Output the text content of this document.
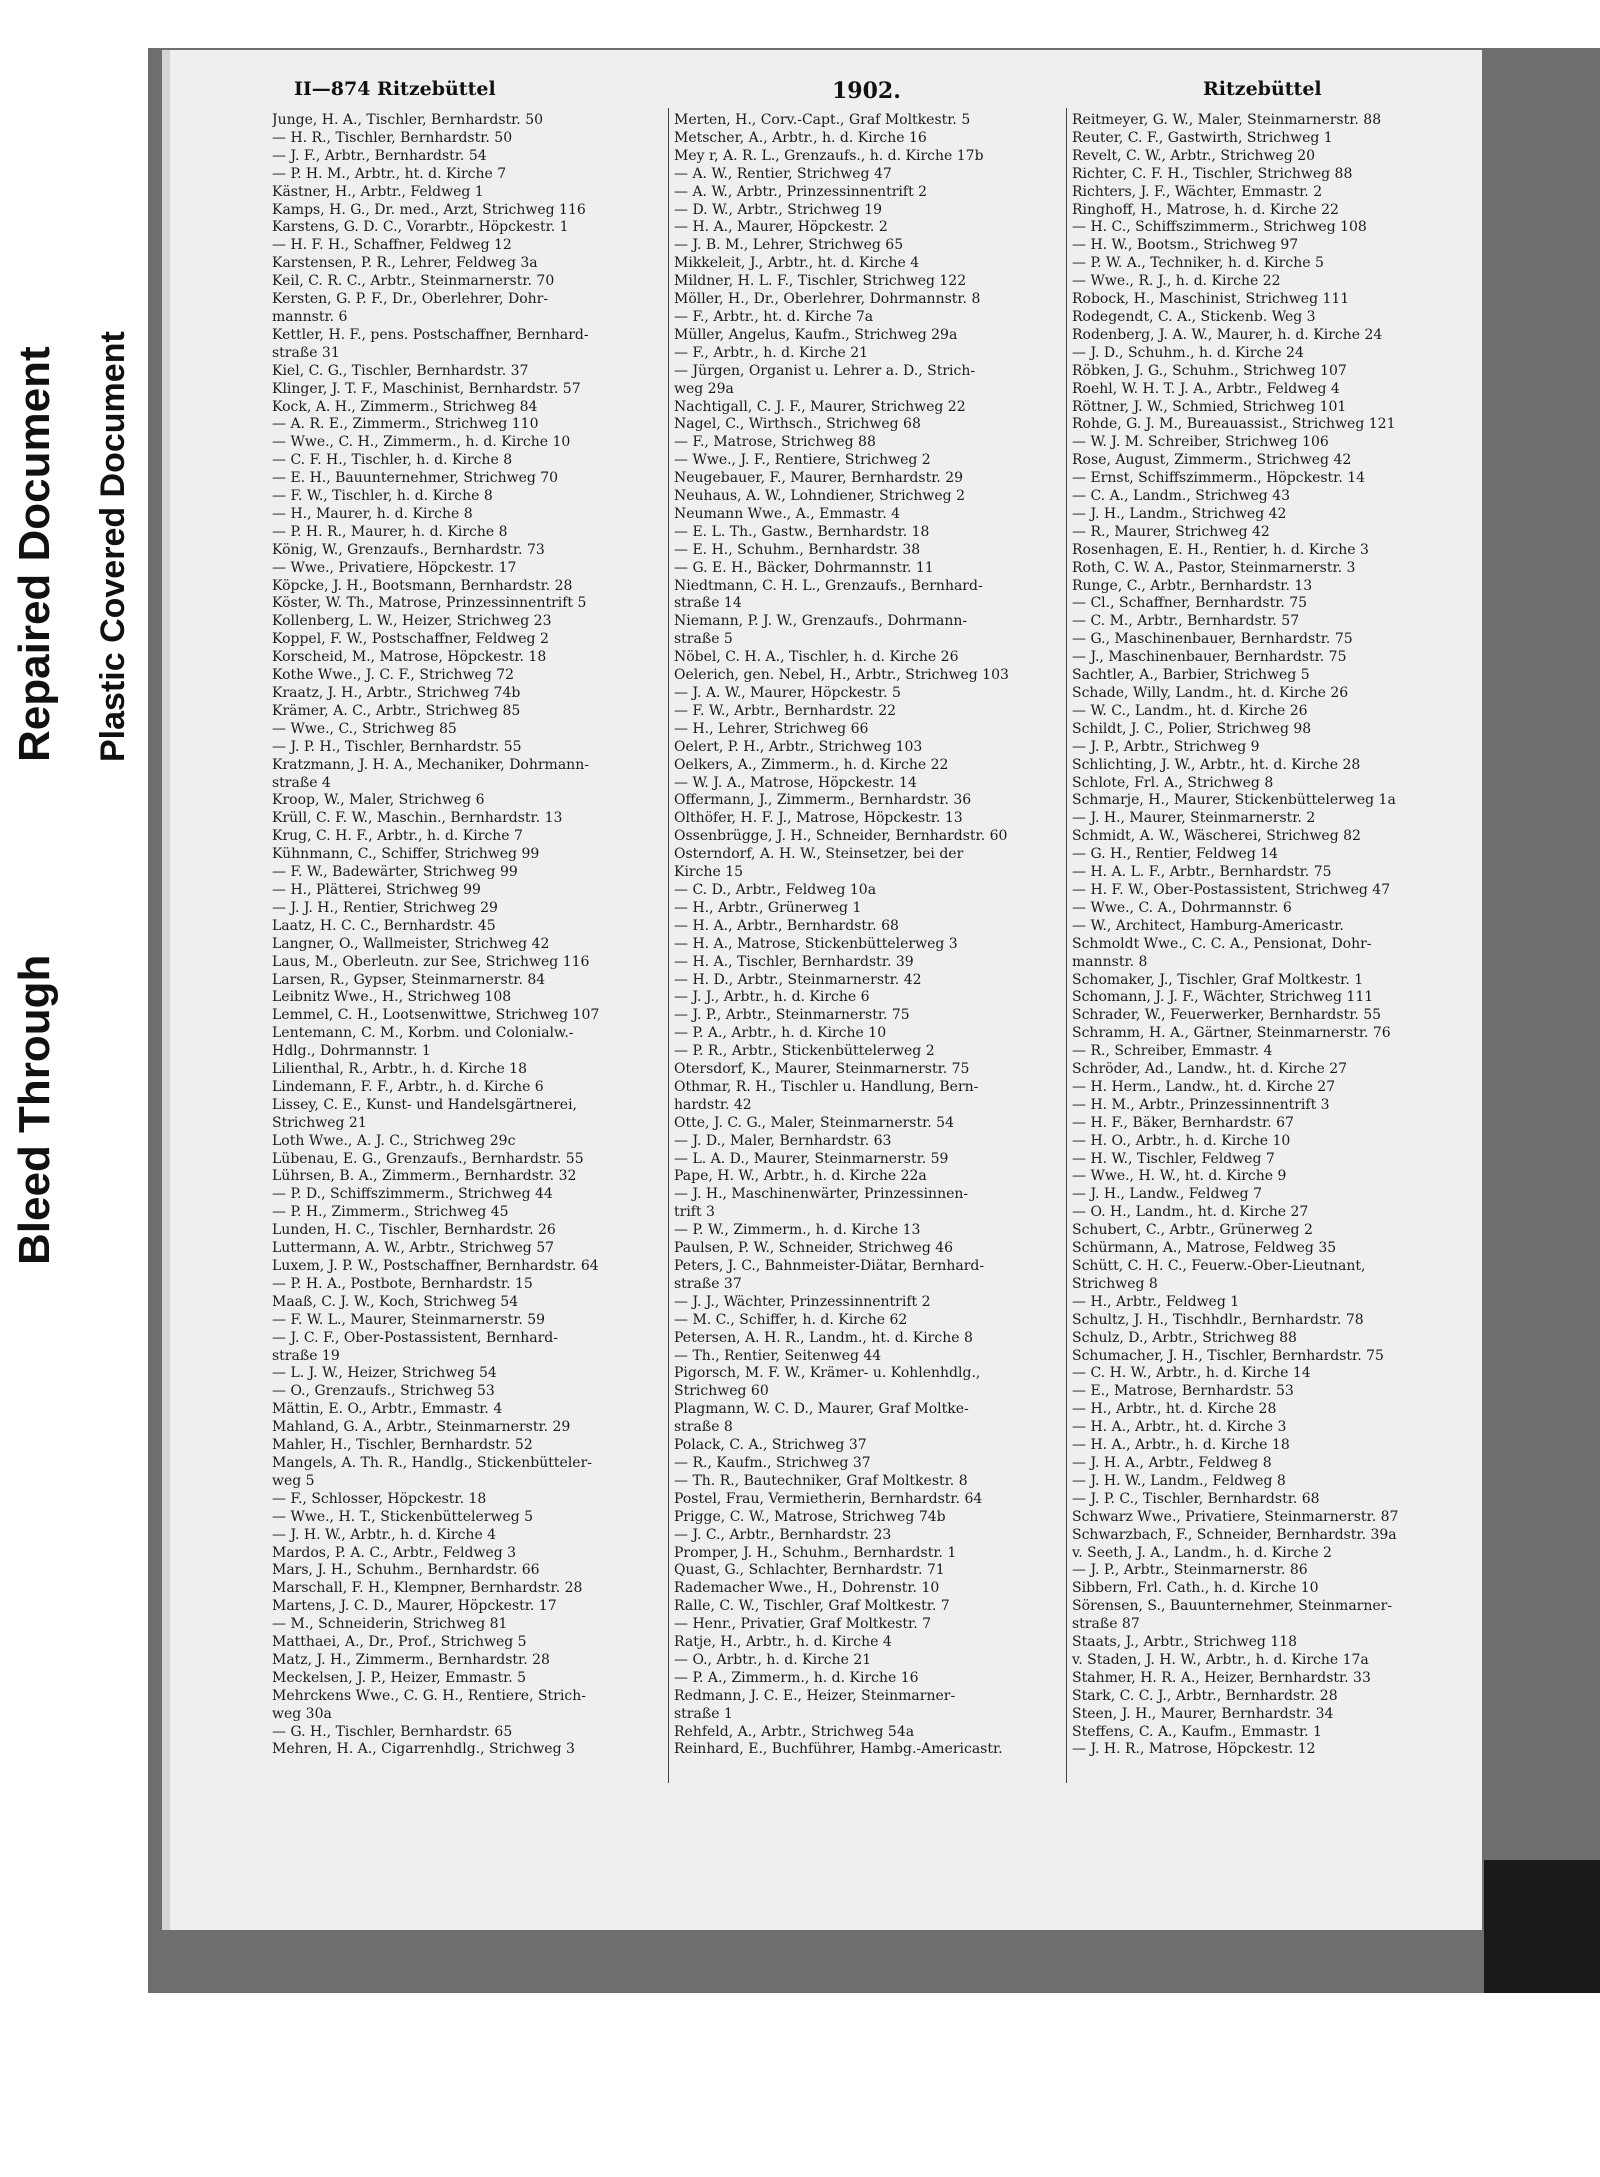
Bleed Through
Repaired Document Plastic Covered Document
II—874 Ritzebüttel	1902.	Ritzebüttel
Junge, H. A., Tischler, Bernhardstr. 50
— H. R., Tischler, Bernhardstr. 50
— J. F., Arbtr., Bernhardstr. 54
— P. H. M., Arbtr., ht. d. Kirche 7
Kästner, H., Arbtr., Feldweg 1
Kamps, H. G., Dr. med., Arzt, Strichweg 116
Karstens, G. D. C., Vorarbtr., Höpckestr. 1
— H. F. H., Schaffner, Feldweg 12
Karstensen, P. R., Lehrer, Feldweg 3a
Keil, C. R. C., Arbtr., Steinmarnerstr. 70
Kersten, G. P. F., Dr., Oberlehrer, Dohr-
mannstr. 6
Kettler, H. F., pens. Postschaffner, Bernhard-
straße 31
Kiel, C. G., Tischler, Bernhardstr. 37
Klinger, J. T. F., Maschinist, Bernhardstr. 57
Kock, A. H., Zimmerm., Strichweg 84
— A. R. E., Zimmerm., Strichweg 110
— Wwe., C. H., Zimmerm., h. d. Kirche 10
— C. F. H., Tischler, h. d. Kirche 8
— E. H., Bauunternehmer, Strichweg 70
— F. W., Tischler, h. d. Kirche 8
— H., Maurer, h. d. Kirche 8
— P. H. R., Maurer, h. d. Kirche 8
König, W., Grenzaufs., Bernhardstr. 73
— Wwe., Privatiere, Höpckestr. 17
Köpcke, J. H., Bootsmann, Bernhardstr. 28
Köster, W. Th., Matrose, Prinzessinnentrift 5
Kollenberg, L. W., Heizer, Strichweg 23
Koppel, F. W., Postschaffner, Feldweg 2
Korscheid, M., Matrose, Höpckestr. 18
Kothe Wwe., J. C. F., Strichweg 72
Kraatz, J. H., Arbtr., Strichweg 74b
Krämer, A. C., Arbtr., Strichweg 85
— Wwe., C., Strichweg 85
— J. P. H., Tischler, Bernhardstr. 55
Kratzmann, J. H. A., Mechaniker, Dohrmann-
straße 4
Kroop, W., Maler, Strichweg 6
Krüll, C. F. W., Maschin., Bernhardstr. 13
Krug, C. H. F., Arbtr., h. d. Kirche 7
Kühnmann, C., Schiffer, Strichweg 99
— F. W., Badewärter, Strichweg 99
— H., Plätterei, Strichweg 99
— J. J. H., Rentier, Strichweg 29
Laatz, H. C. C., Bernhardstr. 45
Langner, O., Wallmeister, Strichweg 42
Laus, M., Oberleutn. zur See, Strichweg 116
Larsen, R., Gypser, Steinmarnerstr. 84
Leibnitz Wwe., H., Strichweg 108
Lemmel, C. H., Lootsenwittwe, Strichweg 107
Lentemann, C. M., Korbm. und Colonialw.-
Hdlg., Dohrmannstr. 1
Lilienthal, R., Arbtr., h. d. Kirche 18
Lindemann, F. F., Arbtr., h. d. Kirche 6
Lissey, C. E., Kunst- und Handelsgärtnerei,
Strichweg 21
Loth Wwe., A. J. C., Strichweg 29c
Lübenau, E. G., Grenzaufs., Bernhardstr. 55
Lührsen, B. A., Zimmerm., Bernhardstr. 32
— P. D., Schiffszimmerm., Strichweg 44
— P. H., Zimmerm., Strichweg 45
Lunden, H. C., Tischler, Bernhardstr. 26
Luttermann, A. W., Arbtr., Strichweg 57
Luxem, J. P. W., Postschaffner, Bernhardstr. 64
— P. H. A., Postbote, Bernhardstr. 15
Maaß, C. J. W., Koch, Strichweg 54
— F. W. L., Maurer, Steinmarnerstr. 59
— J. C. F., Ober-Postassistent, Bernhard-
straße 19
— L. J. W., Heizer, Strichweg 54
— O., Grenzaufs., Strichweg 53
Mättin, E. O., Arbtr., Emmastr. 4
Mahland, G. A., Arbtr., Steinmarnerstr. 29
Mahler, H., Tischler, Bernhardstr. 52
Mangels, A. Th. R., Handlg., Stickenbütteler-
weg 5
— F., Schlosser, Höpckestr. 18
— Wwe., H. T., Stickenbüttelerweg 5
— J. H. W., Arbtr., h. d. Kirche 4
Mardos, P. A. C., Arbtr., Feldweg 3
Mars, J. H., Schuhm., Bernhardstr. 66
Marschall, F. H., Klempner, Bernhardstr. 28
Martens, J. C. D., Maurer, Höpckestr. 17
— M., Schneiderin, Strichweg 81
Matthaei, A., Dr., Prof., Strichweg 5
Matz, J. H., Zimmerm., Bernhardstr. 28
Meckelsen, J. P., Heizer, Emmastr. 5
Mehrckens Wwe., C. G. H., Rentiere, Strich-
weg 30a
— G. H., Tischler, Bernhardstr. 65
Mehren, H. A., Cigarrenhdlg., Strichweg 3
Merten, H., Corv.-Capt., Graf Moltkestr. 5
Metscher, A., Arbtr., h. d. Kirche 16
Mey r, A. R. L., Grenzaufs., h. d. Kirche 17b
— A. W., Rentier, Strichweg 47
— A. W., Arbtr., Prinzessinnentrift 2
— D. W., Arbtr., Strichweg 19
— H. A., Maurer, Höpckestr. 2
— J. B. M., Lehrer, Strichweg 65
Mikkeleit, J., Arbtr., ht. d. Kirche 4
Mildner, H. L. F., Tischler, Strichweg 122
Möller, H., Dr., Oberlehrer, Dohrmannstr. 8
— F., Arbtr., ht. d. Kirche 7a
Müller, Angelus, Kaufm., Strichweg 29a
— F., Arbtr., h. d. Kirche 21
— Jürgen, Organist u. Lehrer a. D., Strich-
weg 29a
Nachtigall, C. J. F., Maurer, Strichweg 22
Nagel, C., Wirthsch., Strichweg 68
— F., Matrose, Strichweg 88
— Wwe., J. F., Rentiere, Strichweg 2
Neugebauer, F., Maurer, Bernhardstr. 29
Neuhaus, A. W., Lohndiener, Strichweg 2
Neumann Wwe., A., Emmastr. 4
— E. L. Th., Gastw., Bernhardstr. 18
— E. H., Schuhm., Bernhardstr. 38
— G. E. H., Bäcker, Dohrmannstr. 11
Niedtmann, C. H. L., Grenzaufs., Bernhard-
straße 14
Niemann, P. J. W., Grenzaufs., Dohrmann-
straße 5
Nöbel, C. H. A., Tischler, h. d. Kirche 26
Oelerich, gen. Nebel, H., Arbtr., Strichweg 103
— J. A. W., Maurer, Höpckestr. 5
— F. W., Arbtr., Bernhardstr. 22
— H., Lehrer, Strichweg 66
Oelert, P. H., Arbtr., Strichweg 103
Oelkers, A., Zimmerm., h. d. Kirche 22
— W. J. A., Matrose, Höpckestr. 14
Offermann, J., Zimmerm., Bernhardstr. 36
Olthöfer, H. F. J., Matrose, Höpckestr. 13
Ossenbrügge, J. H., Schneider, Bernhardstr. 60
Osterndorf, A. H. W., Steinsetzer, bei der
Kirche 15
— C. D., Arbtr., Feldweg 10a
— H., Arbtr., Grünerweg 1
— H. A., Arbtr., Bernhardstr. 68
— H. A., Matrose, Stickenbüttelerweg 3
— H. A., Tischler, Bernhardstr. 39
— H. D., Arbtr., Steinmarnerstr. 42
— J. J., Arbtr., h. d. Kirche 6
— J. P., Arbtr., Steinmarnerstr. 75
— P. A., Arbtr., h. d. Kirche 10
— P. R., Arbtr., Stickenbüttelerweg 2
Otersdorf, K., Maurer, Steinmarnerstr. 75
Othmar, R. H., Tischler u. Handlung, Bern-
hardstr. 42
Otte, J. C. G., Maler, Steinmarnerstr. 54
— J. D., Maler, Bernhardstr. 63
— L. A. D., Maurer, Steinmarnerstr. 59
Pape, H. W., Arbtr., h. d. Kirche 22a
— J. H., Maschinenwärter, Prinzessinnen-
trift 3
— P. W., Zimmerm., h. d. Kirche 13
Paulsen, P. W., Schneider, Strichweg 46
Peters, J. C., Bahnmeister-Diätar, Bernhard-
straße 37
— J. J., Wächter, Prinzessinnentrift 2
— M. C., Schiffer, h. d. Kirche 62
Petersen, A. H. R., Landm., ht. d. Kirche 8
— Th., Rentier, Seitenweg 44
Pigorsch, M. F. W., Krämer- u. Kohlenhdlg.,
Strichweg 60
Plagmann, W. C. D., Maurer, Graf Moltke-
straße 8
Polack, C. A., Strichweg 37
— R., Kaufm., Strichweg 37
— Th. R., Bautechniker, Graf Moltkestr. 8
Postel, Frau, Vermietherin, Bernhardstr. 64
Prigge, C. W., Matrose, Strichweg 74b
— J. C., Arbtr., Bernhardstr. 23
Promper, J. H., Schuhm., Bernhardstr. 1
Quast, G., Schlachter, Bernhardstr. 71
Rademacher Wwe., H., Dohrenstr. 10
Ralle, C. W., Tischler, Graf Moltkestr. 7
— Henr., Privatier, Graf Moltkestr. 7
Ratje, H., Arbtr., h. d. Kirche 4
— O., Arbtr., h. d. Kirche 21
— P. A., Zimmerm., h. d. Kirche 16
Redmann, J. C. E., Heizer, Steinmarner-
straße 1
Rehfeld, A., Arbtr., Strichweg 54a
Reinhard, E., Buchführer, Hambg.-Americastr.
Reitmeyer, G. W., Maler, Steinmarnerstr. 88
Reuter, C. F., Gastwirth, Strichweg 1
Revelt, C. W., Arbtr., Strichweg 20
Richter, C. F. H., Tischler, Strichweg 88
Richters, J. F., Wächter, Emmastr. 2
Ringhoff, H., Matrose, h. d. Kirche 22
— H. C., Schiffszimmerm., Strichweg 108
— H. W., Bootsm., Strichweg 97
— P. W. A., Techniker, h. d. Kirche 5
— Wwe., R. J., h. d. Kirche 22
Robock, H., Maschinist, Strichweg 111
Rodegendt, C. A., Stickenb. Weg 3
Rodenberg, J. A. W., Maurer, h. d. Kirche 24
— J. D., Schuhm., h. d. Kirche 24
Röbken, J. G., Schuhm., Strichweg 107
Roehl, W. H. T. J. A., Arbtr., Feldweg 4
Röttner, J. W., Schmied, Strichweg 101
Rohde, G. J. M., Bureauassist., Strichweg 121
— W. J. M. Schreiber, Strichweg 106
Rose, August, Zimmerm., Strichweg 42
— Ernst, Schiffszimmerm., Höpckestr. 14
— C. A., Landm., Strichweg 43
— J. H., Landm., Strichweg 42
— R., Maurer, Strichweg 42
Rosenhagen, E. H., Rentier, h. d. Kirche 3
Roth, C. W. A., Pastor, Steinmarnerstr. 3
Runge, C., Arbtr., Bernhardstr. 13
— Cl., Schaffner, Bernhardstr. 75
— C. M., Arbtr., Bernhardstr. 57
— G., Maschinenbauer, Bernhardstr. 75
— J., Maschinenbauer, Bernhardstr. 75
Sachtler, A., Barbier, Strichweg 5
Schade, Willy, Landm., ht. d. Kirche 26
— W. C., Landm., ht. d. Kirche 26
Schildt, J. C., Polier, Strichweg 98
— J. P., Arbtr., Strichweg 9
Schlichting, J. W., Arbtr., ht. d. Kirche 28
Schlote, Frl. A., Strichweg 8
Schmarje, H., Maurer, Stickenbüttelerweg 1a
— J. H., Maurer, Steinmarnerstr. 2
Schmidt, A. W., Wäscherei, Strichweg 82
— G. H., Rentier, Feldweg 14
— H. A. L. F., Arbtr., Bernhardstr. 75
— H. F. W., Ober-Postassistent, Strichweg 47
— Wwe., C. A., Dohrmannstr. 6
— W., Architect, Hamburg-Americastr.
Schmoldt Wwe., C. C. A., Pensionat, Dohr-
mannstr. 8
Schomaker, J., Tischler, Graf Moltkestr. 1
Schomann, J. J. F., Wächter, Strichweg 111
Schrader, W., Feuerwerker, Bernhardstr. 55
Schramm, H. A., Gärtner, Steinmarnerstr. 76
— R., Schreiber, Emmastr. 4
Schröder, Ad., Landw., ht. d. Kirche 27
— H. Herm., Landw., ht. d. Kirche 27
— H. M., Arbtr., Prinzessinnentrift 3
— H. F., Bäker, Bernhardstr. 67
— H. O., Arbtr., h. d. Kirche 10
— H. W., Tischler, Feldweg 7
— Wwe., H. W., ht. d. Kirche 9
— J. H., Landw., Feldweg 7
— O. H., Landm., ht. d. Kirche 27
Schubert, C., Arbtr., Grünerweg 2
Schürmann, A., Matrose, Feldweg 35
Schütt, C. H. C., Feuerw.-Ober-Lieutnant,
Strichweg 8
— H., Arbtr., Feldweg 1
Schultz, J. H., Tischhdlr., Bernhardstr. 78
Schulz, D., Arbtr., Strichweg 88
Schumacher, J. H., Tischler, Bernhardstr. 75
— C. H. W., Arbtr., h. d. Kirche 14
— E., Matrose, Bernhardstr. 53
— H., Arbtr., ht. d. Kirche 28
— H. A., Arbtr., ht. d. Kirche 3
— H. A., Arbtr., h. d. Kirche 18
— J. H. A., Arbtr., Feldweg 8
— J. H. W., Landm., Feldweg 8
— J. P. C., Tischler, Bernhardstr. 68
Schwarz Wwe., Privatiere, Steinmarnerstr. 87
Schwarzbach, F., Schneider, Bernhardstr. 39a
v. Seeth, J. A., Landm., h. d. Kirche 2
— J. P., Arbtr., Steinmarnerstr. 86
Sibbern, Frl. Cath., h. d. Kirche 10
Sörensen, S., Bauunternehmer, Steinmarner-
straße 87
Staats, J., Arbtr., Strichweg 118
v. Staden, J. H. W., Arbtr., h. d. Kirche 17a
Stahmer, H. R. A., Heizer, Bernhardstr. 33
Stark, C. C. J., Arbtr., Bernhardstr. 28
Steen, J. H., Maurer, Bernhardstr. 34
Steffens, C. A., Kaufm., Emmastr. 1
— J. H. R., Matrose, Höpckestr. 12
